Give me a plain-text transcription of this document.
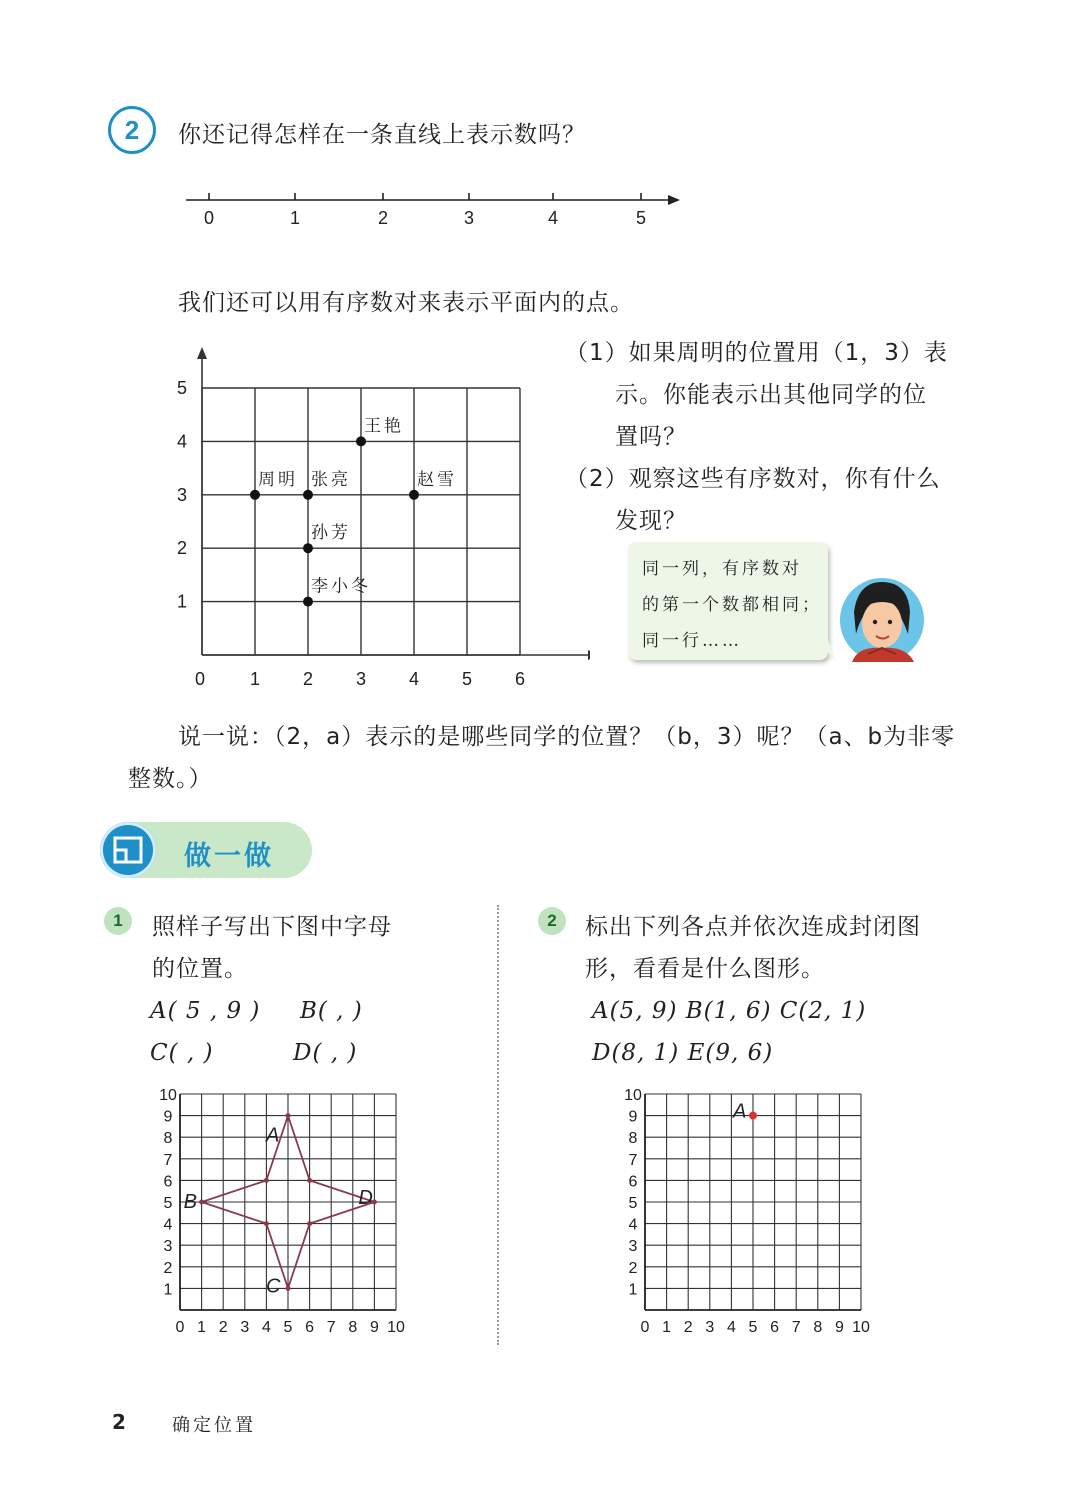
2	你还记得怎样在一条直线上表示数吗？
0	1	2	3	4	5
我们还可以用有序数对来表示平面内的点。
0 1 2 3 4 5 6
1
2
3
4
5
周明 张亮	赵雪
王艳
孙芳
李小冬
（1）如果周明的位置用（1，3）表
示。你能表示出其他同学的位
置吗？
（2）观察这些有序数对，你有什么
发现？
同一列，有序数对
的第一个数都相同；
同一行……
说一说：（2，a）表示的是哪些同学的位置？（b，3）呢？（a、b为非零
整数。）
做一做
1	照样子写出下图中字母
的位置。
A( 5 , 9 ) B( , )
C( , )	D( , )
0 1
1
2
2
3
3
4
4
5
5
6
6
7
7
8
8
9
9
10
10
A
B
C
D
2	标出下列各点并依次连成封闭图
形，看看是什么图形。
A(5, 9) B(1, 6) C(2, 1)
D(8, 1) E(9, 6)
0 1
1
2
2
3
3
4
4
5
5
6
6
7
7
8
8
9
9
10
10
A
2	确定位置
